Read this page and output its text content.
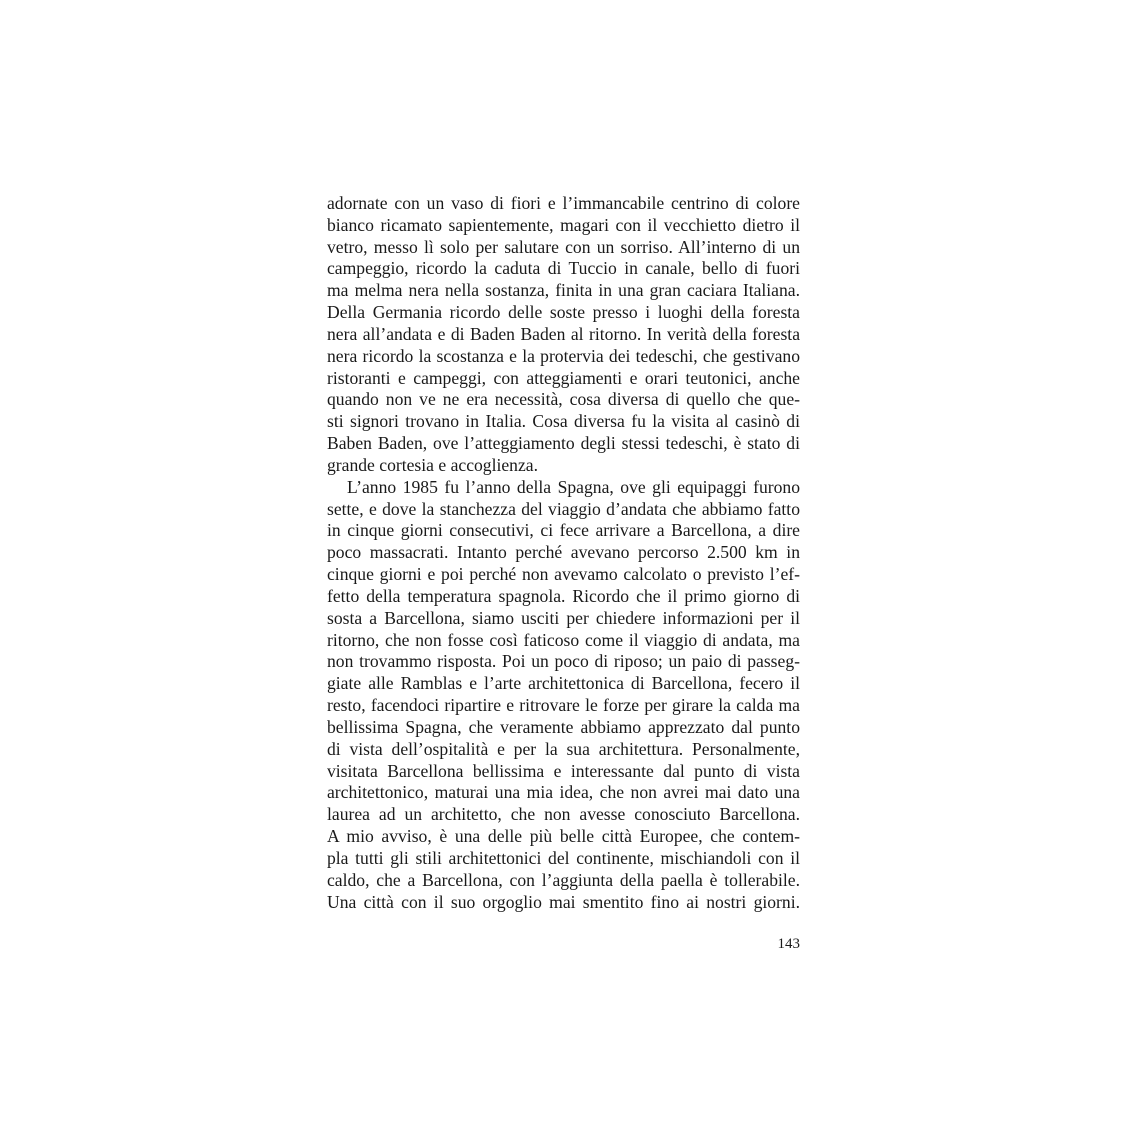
adornate con un vaso di fiori e l’immancabile centrino di colore
bianco ricamato sapientemente, magari con il vecchietto dietro il
vetro, messo lì solo per salutare con un sorriso. All’interno di un
campeggio, ricordo la caduta di Tuccio in canale, bello di fuori
ma melma nera nella sostanza, finita in una gran caciara Italiana.
Della Germania ricordo delle soste presso i luoghi della foresta
nera all’andata e di Baden Baden al ritorno. In verità della foresta
nera ricordo la scostanza e la protervia dei tedeschi, che gestivano
ristoranti e campeggi, con atteggiamenti e orari teutonici, anche
quando non ve ne era necessità, cosa diversa di quello che que-
sti signori trovano in Italia. Cosa diversa fu la visita al casinò di
Baben Baden, ove l’atteggiamento degli stessi tedeschi, è stato di
grande cortesia e accoglienza.
L’anno 1985 fu l’anno della Spagna, ove gli equipaggi furono
sette, e dove la stanchezza del viaggio d’andata che abbiamo fatto
in cinque giorni consecutivi, ci fece arrivare a Barcellona, a dire
poco massacrati. Intanto perché avevano percorso 2.500 km in
cinque giorni e poi perché non avevamo calcolato o previsto l’ef-
fetto della temperatura spagnola. Ricordo che il primo giorno di
sosta a Barcellona, siamo usciti per chiedere informazioni per il
ritorno, che non fosse così faticoso come il viaggio di andata, ma
non trovammo risposta. Poi un poco di riposo; un paio di passeg-
giate alle Ramblas e l’arte architettonica di Barcellona, fecero il
resto, facendoci ripartire e ritrovare le forze per girare la calda ma
bellissima Spagna, che veramente abbiamo apprezzato dal punto
di vista dell’ospitalità e per la sua architettura. Personalmente,
visitata Barcellona bellissima e interessante dal punto di vista
architettonico, maturai una mia idea, che non avrei mai dato una
laurea ad un architetto, che non avesse conosciuto Barcellona.
A mio avviso, è una delle più belle città Europee, che contem-
pla tutti gli stili architettonici del continente, mischiandoli con il
caldo, che a Barcellona, con l’aggiunta della paella è tollerabile.
Una città con il suo orgoglio mai smentito fino ai nostri giorni.
143
